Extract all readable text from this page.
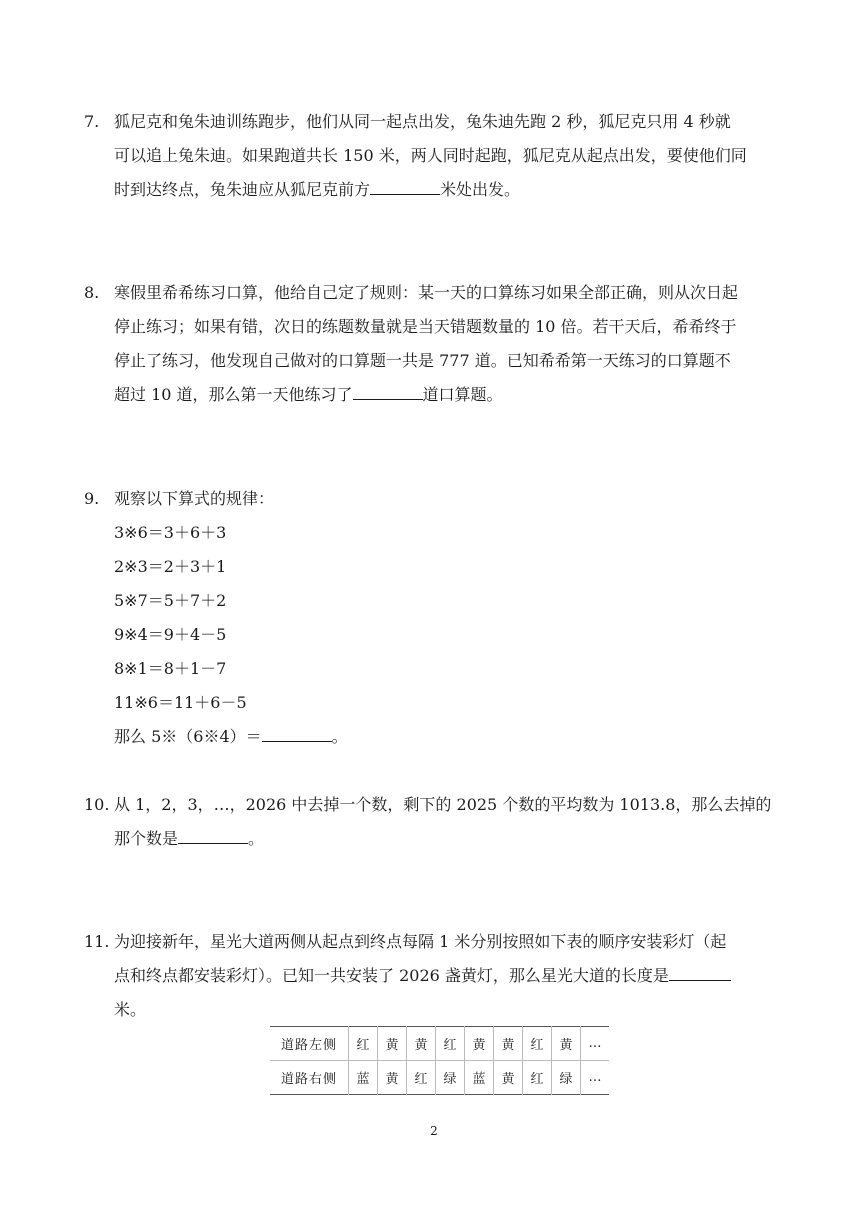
7. 狐尼克和兔朱迪训练跑步，他们从同一起点出发，兔朱迪先跑 2 秒，狐尼克只用 4 秒就
可以追上兔朱迪。如果跑道共长 150 米，两人同时起跑，狐尼克从起点出发，要使他们同
时到达终点，兔朱迪应从狐尼克前方	米处出发。
8. 寒假里希希练习口算，他给自己定了规则：某一天的口算练习如果全部正确，则从次日起
停止练习；如果有错，次日的练题数量就是当天错题数量的 10 倍。若干天后，希希终于
停止了练习，他发现自己做对的口算题一共是 777 道。已知希希第一天练习的口算题不
超过 10 道，那么第一天他练习了	道口算题。
9. 观察以下算式的规律：
3※6＝3＋6＋3
2※3＝2＋3＋1
5※7＝5＋7＋2
9※4＝9＋4－5
8※1＝8＋1－7
11※6＝11＋6－5
那么 5※（6※4）＝	。
10. 从 1，2，3，…，2026 中去掉一个数，剩下的 2025 个数的平均数为 1013.8，那么去掉的
那个数是	。
11. 为迎接新年，星光大道两侧从起点到终点每隔 1 米分别按照如下表的顺序安装彩灯（起
点和终点都安装彩灯）。已知一共安装了 2026 盏黄灯，那么星光大道的长度是
米。
道路左侧	红	黄	黄	红	黄	黄	红	黄	…
道路右侧	蓝	黄	红	绿	蓝	黄	红	绿	…
2
